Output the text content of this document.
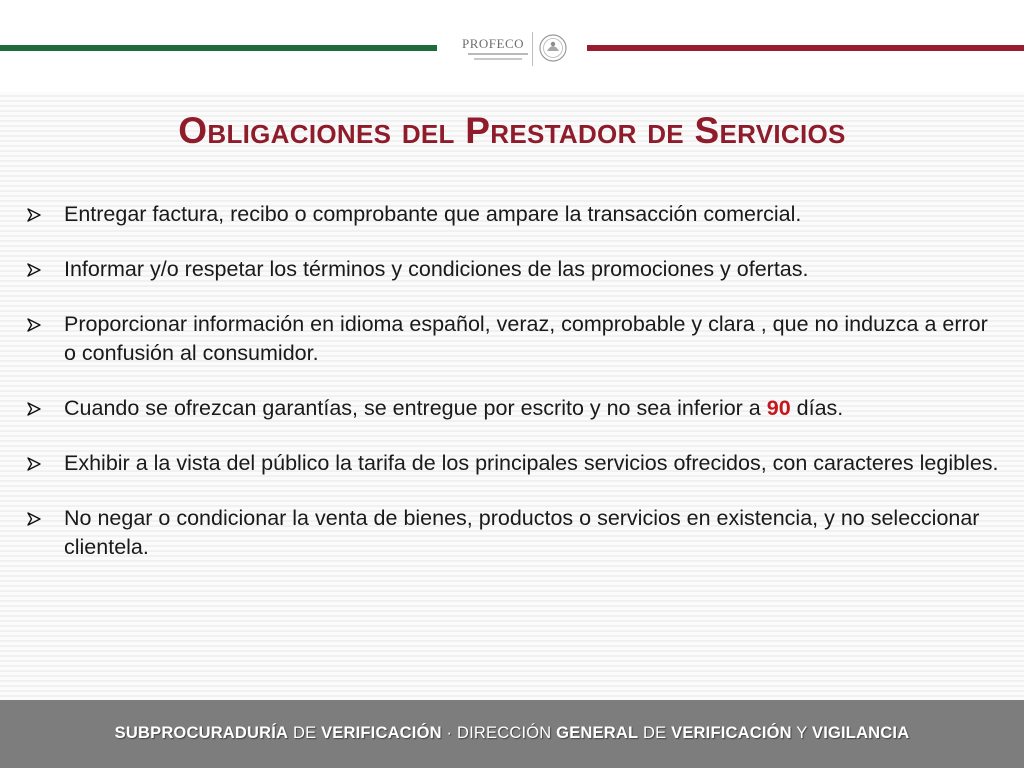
PROFECO
Obligaciones del Prestador de Servicios
Entregar factura, recibo o comprobante que ampare la transacción comercial.
Informar y/o respetar los términos y condiciones de las promociones y ofertas.
Proporcionar información en idioma español, veraz, comprobable y clara , que no induzca a error o confusión al consumidor.
Cuando se ofrezcan garantías, se entregue por escrito y no sea inferior a 90 días.
Exhibir a la vista del público la tarifa de los principales servicios ofrecidos, con caracteres legibles.
No negar o condicionar la venta de bienes, productos o servicios en existencia, y no seleccionar clientela.
SUBPROCURADURÍA DE VERIFICACIÓN · DIRECCIÓN GENERAL DE VERIFICACIÓN Y VIGILANCIA
